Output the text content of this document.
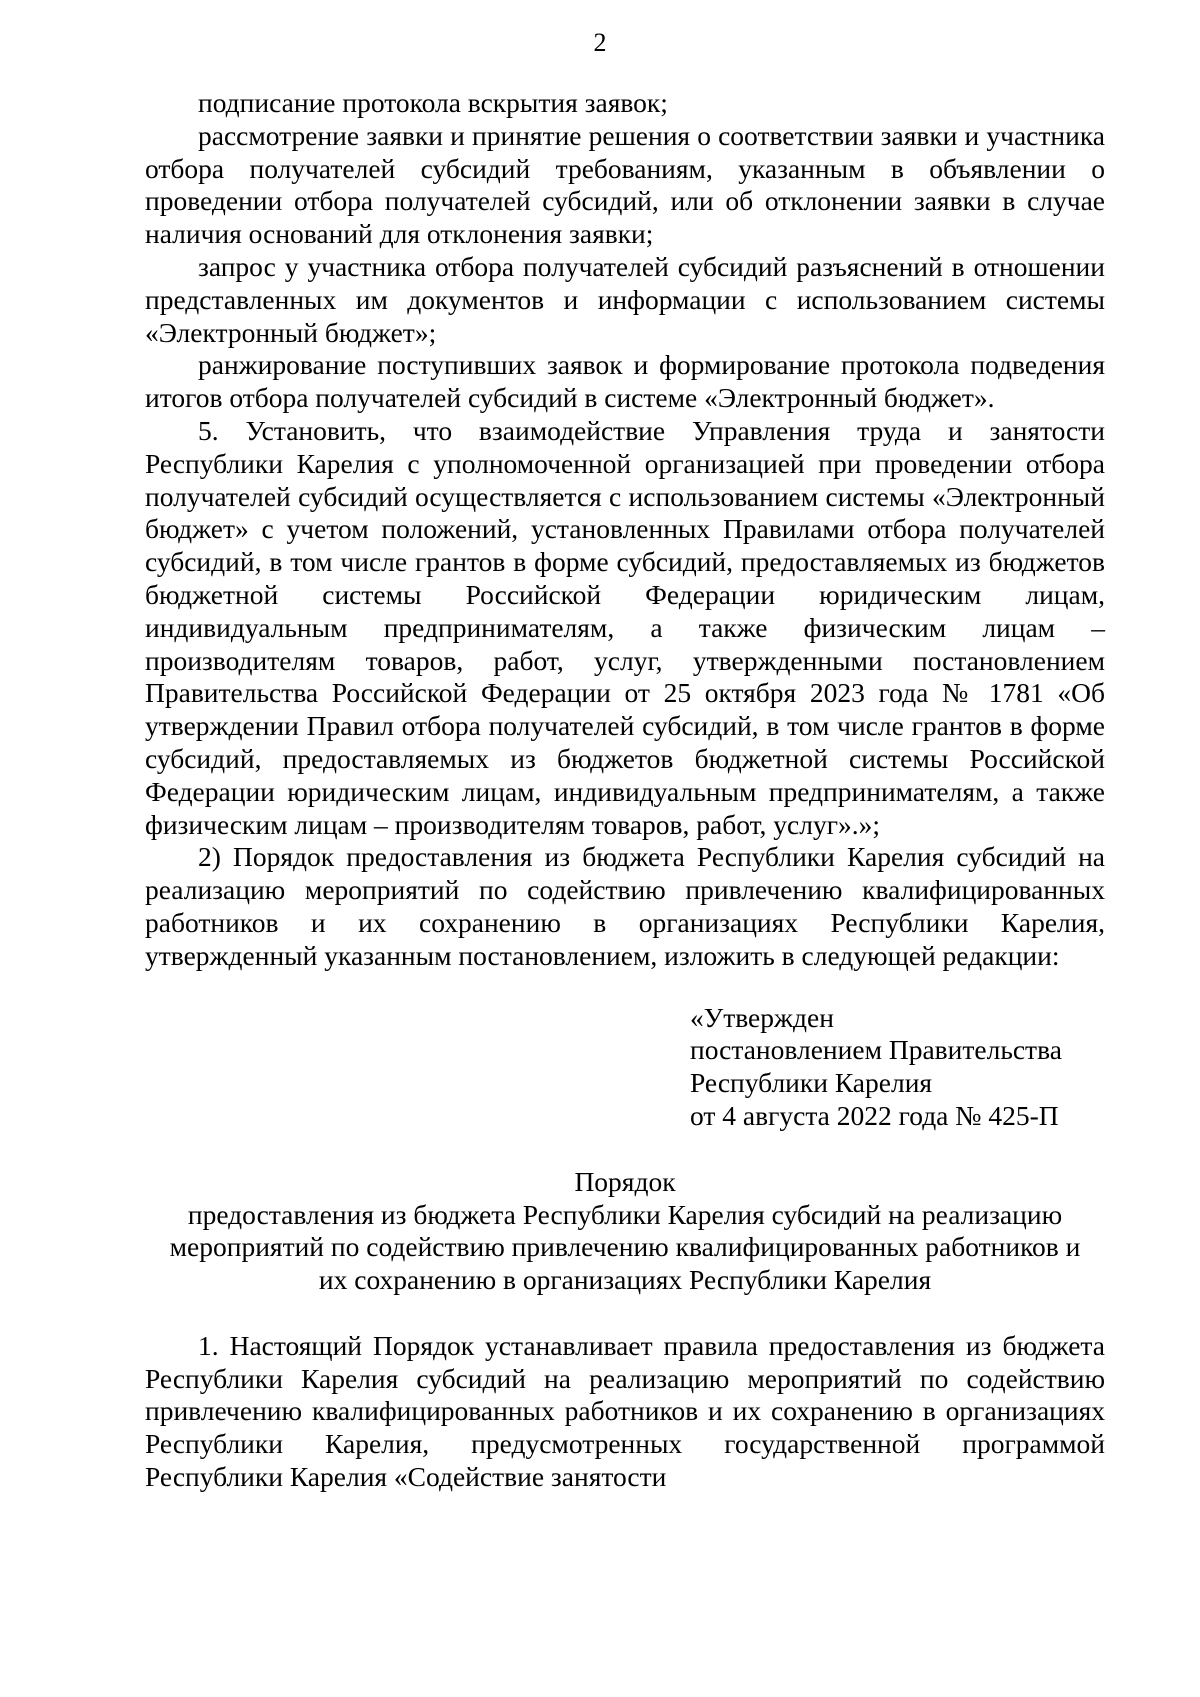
2

подписание протокола вскрытия заявок;

рассмотрение заявки и принятие решения о соответствии заявки и участника отбора получателей субсидий требованиям, указанным в объявлении о проведении отбора получателей субсидий, или об отклонении заявки в случае наличия оснований для отклонения заявки;

запрос у участника отбора получателей субсидий разъяснений в отношении представленных им документов и информации с использованием системы «Электронный бюджет»;

ранжирование поступивших заявок и формирование протокола подведения итогов отбора получателей субсидий в системе «Электронный бюджет».

5. Установить, что взаимодействие Управления труда и занятости Республики Карелия с уполномоченной организацией при проведении отбора получателей субсидий осуществляется с использованием системы «Электронный бюджет» с учетом положений, установленных Правилами отбора получателей субсидий, в том числе грантов в форме субсидий, предоставляемых из бюджетов бюджетной системы Российской Федерации юридическим лицам, индивидуальным предпринимателям, а также физическим лицам – производителям товаров, работ, услуг, утвержденными постановлением Правительства Российской Федерации от 25 октября 2023 года № 1781 «Об утверждении Правил отбора получателей субсидий, в том числе грантов в форме субсидий, предоставляемых из бюджетов бюджетной системы Российской Федерации юридическим лицам, индивидуальным предпринимателям, а также физическим лицам – производителям товаров, работ, услуг».»;

2) Порядок предоставления из бюджета Республики Карелия субсидий на реализацию мероприятий по содействию привлечению квалифицированных работников и их сохранению в организациях Республики Карелия, утвержденный указанным постановлением, изложить в следующей редакции:

«Утвержден
постановлением Правительства
Республики Карелия
от 4 августа 2022 года № 425-П
Порядок
предоставления из бюджета Республики Карелия субсидий на реализацию мероприятий по содействию привлечению квалифицированных работников и их сохранению в организациях Республики Карелия

1. Настоящий Порядок устанавливает правила предоставления из бюджета Республики Карелия субсидий на реализацию мероприятий по содействию привлечению квалифицированных работников и их сохранению в организациях Республики Карелия, предусмотренных государственной программой Республики Карелия «Содействие занятости
